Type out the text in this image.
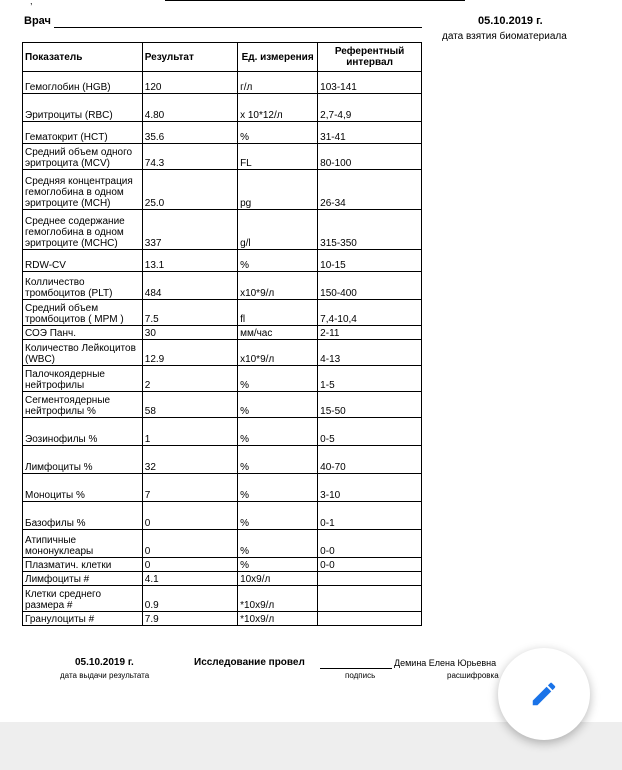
,
Врач	05.10.2019 г.
дата взятия биоматериала
Показатель	Результат	Ед. измерения	Референтный интервал
Гемоглобин (HGB)	120	г/л	103-141
Эритроциты (RBC)	4.80	x 10*12/л	2,7-4,9
Гематокрит (HCT)	35.6	%	31-41
Средний объем одного эритроцита (MCV)	74.3	FL	80-100
Средняя концентрация гемоглобина в одном эритроците (MCH)	25.0	pg	26-34
Среднее содержание гемоглобина в одном эритроците (MCHC)	337	g/l	315-350
RDW-CV	13.1	%	10-15
Колличество тромбоцитов (PLT)	484	x10*9/л	150-400
Средний объем тромбоцитов ( MPM )	7.5	fl	7,4-10,4
СОЭ Панч.	30	мм/час	2-11
Количество Лейкоцитов (WBC)	12.9	x10*9/л	4-13
Палочкоядерные нейтрофилы	2	%	1-5
Сегментоядерные нейтрофилы %	58	%	15-50
Эозинофилы %	1	%	0-5
Лимфоциты %	32	%	40-70
Моноциты %	7	%	3-10
Базофилы %	0	%	0-1
Атипичные мононуклеары	0	%	0-0
Плазматич. клетки	0	%	0-0
Лимфоциты #	4.1	10х9/л	
Клетки среднего размера #	0.9	*10х9/л	
Гранулоциты #	7.9	*10х9/л	
05.10.2019 г.
дата выдачи результата
Исследование провел
подпись
Демина Елена Юрьевна
расшифровка
